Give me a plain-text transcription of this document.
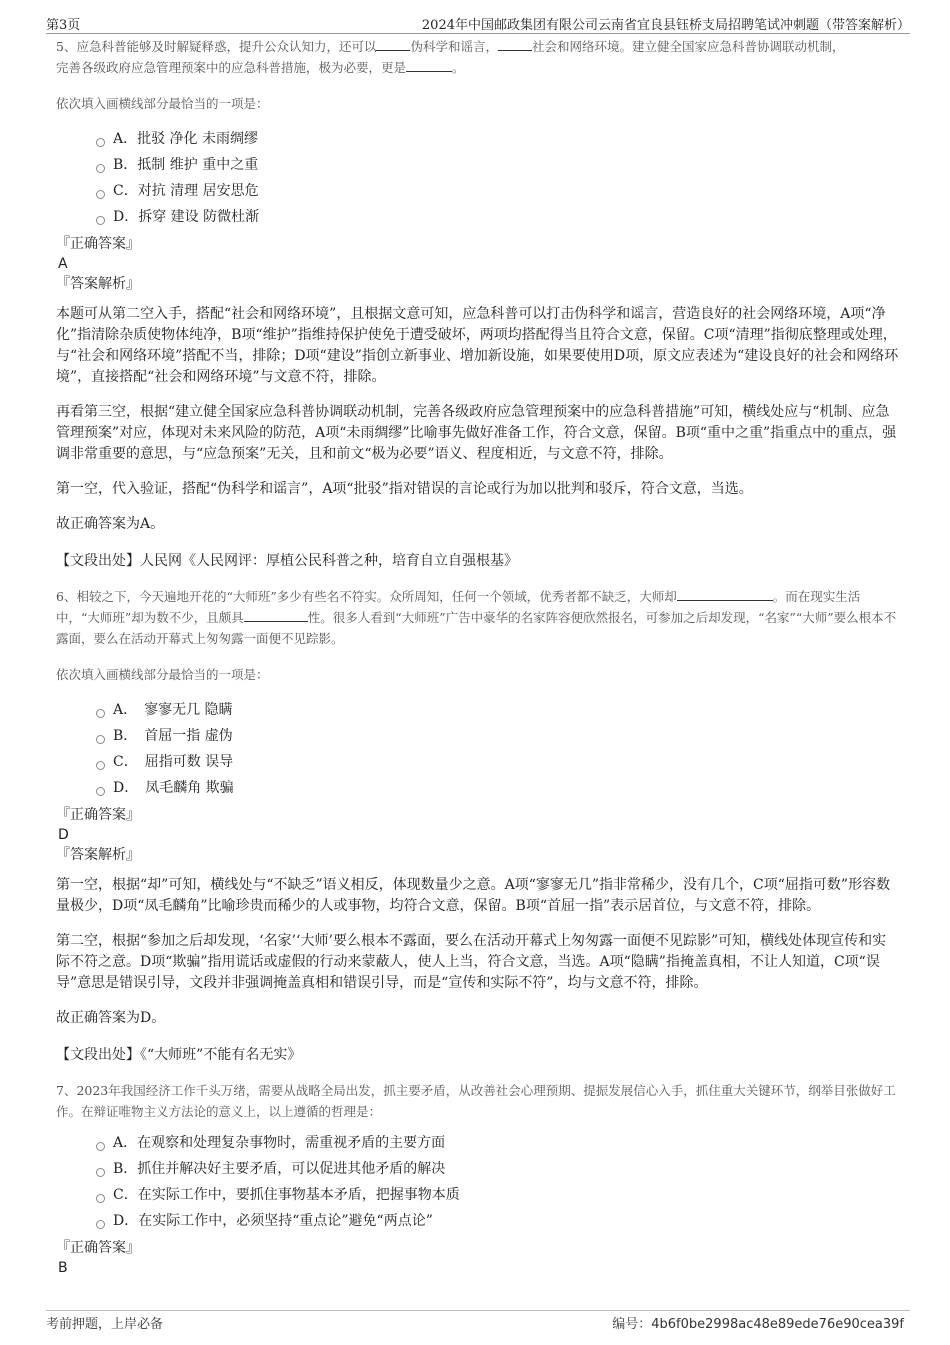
第3页	2024年中国邮政集团有限公司云南省宜良县钰桥支局招聘笔试冲刺题（带答案解析）

5、应急科普能够及时解疑释惑，提升公众认知力，还可以	伪科学和谣言，	社会和网络环境。建立健全国家应急科普协调联动机制，
完善各级政府应急管理预案中的应急科普措施，极为必要，更是	。

依次填入画横线部分最恰当的一项是：

A．批驳 净化 未雨绸缪
B．抵制 维护 重中之重
C．对抗 清理 居安思危
D．拆穿 建设 防微杜渐

『正确答案』

A

『答案解析』

本题可从第二空入手，搭配“社会和网络环境”，且根据文意可知，应急科普可以打击伪科学和谣言，营造良好的社会网络环境，A项“净化”指清除杂质使物体纯净，B项“维护”指维持保护使免于遭受破坏，两项均搭配得当且符合文意，保留。C项“清理”指彻底整理或处理，与“社会和网络环境”搭配不当，排除；D项“建设”指创立新事业、增加新设施，如果要使用D项，原文应表述为“建设良好的社会和网络环境”，直接搭配“社会和网络环境”与文意不符，排除。

再看第三空，根据“建立健全国家应急科普协调联动机制，完善各级政府应急管理预案中的应急科普措施”可知，横线处应与“机制、应急管理预案”对应，体现对未来风险的防范，A项“未雨绸缪”比喻事先做好准备工作，符合文意，保留。B项“重中之重”指重点中的重点，强调非常重要的意思，与“应急预案”无关，且和前文“极为必要”语义、程度相近，与文意不符，排除。

第一空，代入验证，搭配“伪科学和谣言”，A项“批驳”指对错误的言论或行为加以批判和驳斥，符合文意，当选。

故正确答案为A。

【文段出处】人民网《人民网评：厚植公民科普之种，培育自立自强根基》

6、相较之下，今天遍地开花的“大师班”多少有些名不符实。众所周知，任何一个领域，优秀者都不缺乏，大师却	。而在现实生活中，“大师班”却为数不少，且颇具	性。很多人看到“大师班”广告中豪华的名家阵容便欣然报名，可参加之后却发现，“名家”“大师”要么根本不露面，要么在活动开幕式上匆匆露一面便不见踪影。

依次填入画横线部分最恰当的一项是：

A．　寥寥无几 隐瞒
B．　首屈一指 虚伪
C．　屈指可数 误导
D．　凤毛麟角 欺骗

『正确答案』

D

『答案解析』

第一空，根据“却”可知，横线处与“不缺乏”语义相反，体现数量少之意。A项“寥寥无几”指非常稀少，没有几个，C项“屈指可数”形容数量极少，D项“凤毛麟角”比喻珍贵而稀少的人或事物，均符合文意，保留。B项“首屈一指”表示居首位，与文意不符，排除。

第二空，根据“参加之后却发现，‘名家’‘大师’要么根本不露面，要么在活动开幕式上匆匆露一面便不见踪影”可知，横线处体现宣传和实际不符之意。D项“欺骗”指用谎话或虚假的行动来蒙蔽人，使人上当，符合文意，当选。A项“隐瞒”指掩盖真相，不让人知道，C项“误导”意思是错误引导，文段并非强调掩盖真相和错误引导，而是“宣传和实际不符”，均与文意不符，排除。

故正确答案为D。

【文段出处】《“大师班”不能有名无实》

7、2023年我国经济工作千头万绪，需要从战略全局出发，抓主要矛盾，从改善社会心理预期、提振发展信心入手，抓住重大关键环节，纲举目张做好工作。在辩证唯物主义方法论的意义上，以上遵循的哲理是：

A．在观察和处理复杂事物时，需重视矛盾的主要方面
B．抓住并解决好主要矛盾，可以促进其他矛盾的解决
C．在实际工作中，要抓住事物基本矛盾，把握事物本质
D．在实际工作中，必须坚持“重点论”避免“两点论”

『正确答案』

B

考前押题，上岸必备	编号：4b6f0be2998ac48e89ede76e90cea39f
